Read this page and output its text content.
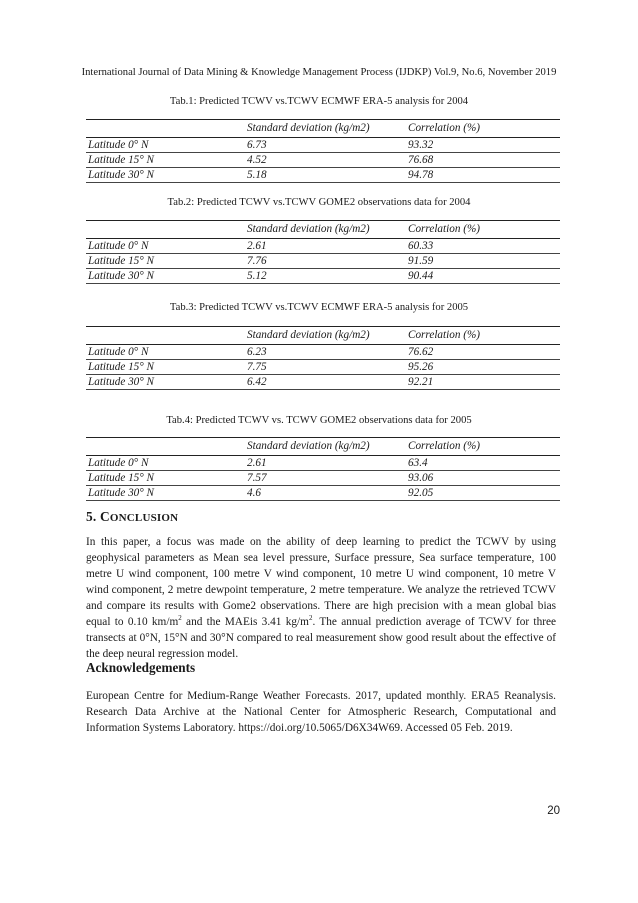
International Journal of Data Mining & Knowledge Management Process (IJDKP) Vol.9, No.6, November 2019
Tab.1: Predicted TCWV vs.TCWV ECMWF ERA-5 analysis for 2004
	Standard deviation (kg/m2)	Correlation (%)
Latitude 0° N	6.73	93.32
Latitude 15° N	4.52	76.68
Latitude 30° N	5.18	94.78
Tab.2: Predicted TCWV vs.TCWV GOME2 observations data for 2004
	Standard deviation (kg/m2)	Correlation (%)
Latitude 0° N	2.61	60.33
Latitude 15° N	7.76	91.59
Latitude 30° N	5.12	90.44
Tab.3: Predicted TCWV vs.TCWV ECMWF ERA-5 analysis for 2005
	Standard deviation (kg/m2)	Correlation (%)
Latitude 0° N	6.23	76.62
Latitude 15° N	7.75	95.26
Latitude 30° N	6.42	92.21
Tab.4: Predicted TCWV vs. TCWV GOME2 observations data for 2005
	Standard deviation (kg/m2)	Correlation (%)
Latitude 0° N	2.61	63.4
Latitude 15° N	7.57	93.06
Latitude 30° N	4.6	92.05
5. CONCLUSION
In this paper, a focus was made on the ability of deep learning to predict the TCWV by using geophysical parameters as Mean sea level pressure, Surface pressure, Sea surface temperature, 100 metre U wind component, 100 metre V wind component, 10 metre U wind component, 10 metre V wind component, 2 metre dewpoint temperature, 2 metre temperature. We analyze the retrieved TCWV and compare its results with Gome2 observations. There are high precision with a mean global bias equal to 0.10 $km/m^2$ and the MAEis 3.41 $kg/m^2$. The annual prediction average of TCWV for three transects at 0°N, 15°N and 30°N compared to real measurement show good result about the effective of the deep neural regression model.
Acknowledgements
European Centre for Medium-Range Weather Forecasts. 2017, updated monthly. ERA5 Reanalysis. Research Data Archive at the National Center for Atmospheric Research, Computational and Information Systems Laboratory. https://doi.org/10.5065/D6X34W69. Accessed 05 Feb. 2019.
20
